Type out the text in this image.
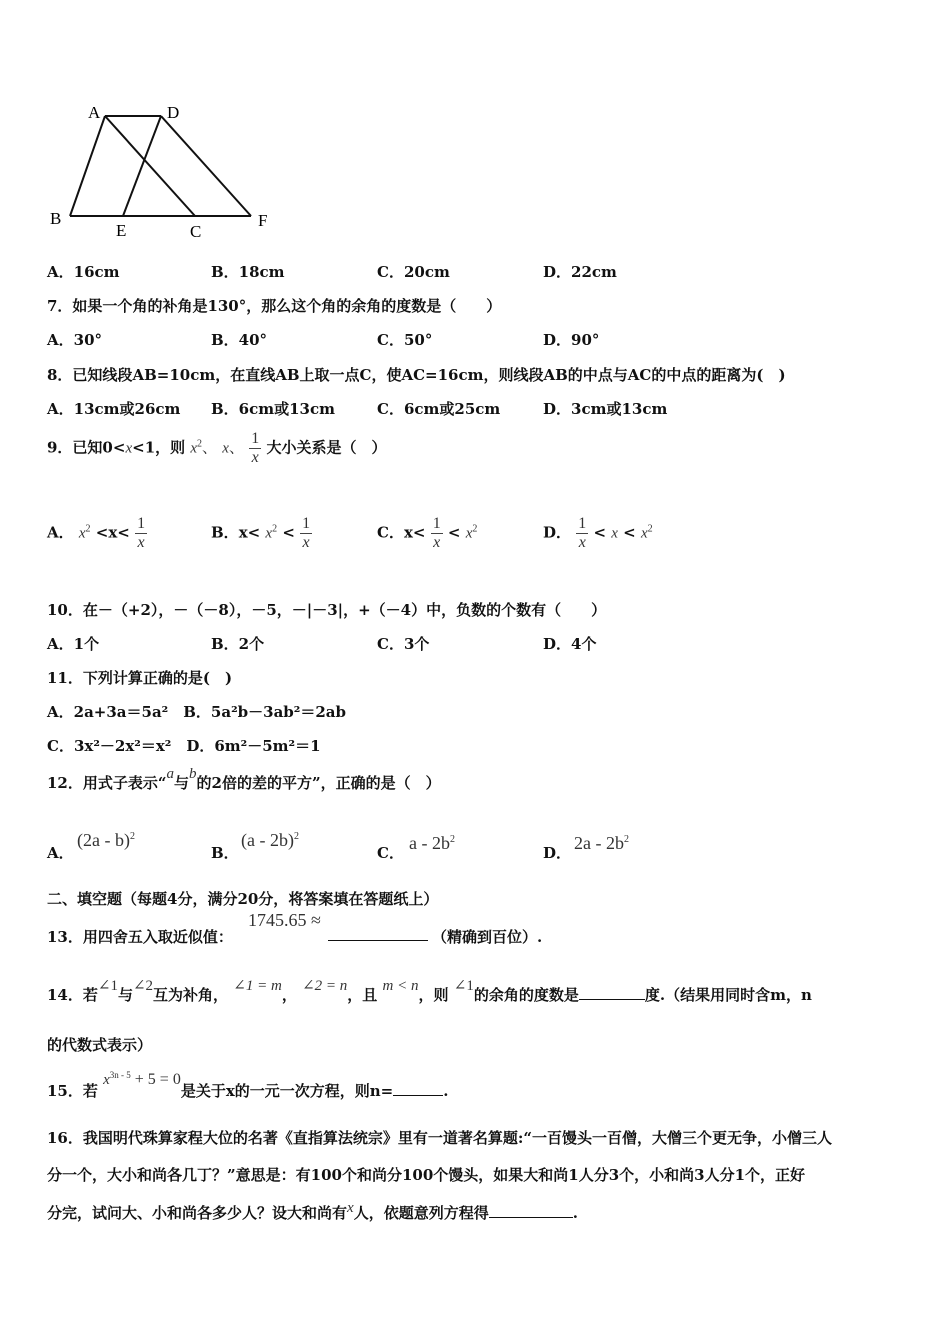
A	D
B
E	C
F
A．16cm	B．18cm	C．20cm	D．22cm
7．如果一个角的补角是130°，那么这个角的余角的度数是（　　）
A．30°	B．40°	C．50°	D．90°
8．已知线段AB=10cm，在直线AB上取一点C，使AC=16cm，则线段AB的中点与AC的中点的距离为(　)
A．13cm或26cm B．6cm或13cm	C．6cm或25cm	D．3cm或13cm
9．已知0<x<1，则 $x^2$、 x、 $\frac{1}{x}$ 大小关系是（　）
A． $x^2 <x< \frac{1}{x}$	B．$x< x^2 < \frac{1}{x}$	C．$x< \frac{1}{x} < x^2$	D． $\frac{1}{x} < x < x^2$
10．在－（+2），－（－8），－5，－|－3|，+（－4）中，负数的个数有（　　）
A．1个	B．2个	C．3个	D．4个
11．下列计算正确的是(　)
A．2a+3a＝5a²　B．5a²b－3ab²＝2ab
C．3x²－2x²＝x²　D．6m²－5m²＝1
12．用式子表示“a与b的2倍的差的平方”，正确的是（　）
A．
(2a - b)$^2$
B．
(a - 2b)$^2$
C． a - $2b^2$
D． $2a - 2b^2$
二、填空题（每题4分，满分20分，将答案填在答题纸上）
13．用四舍五入取近似值：
1745.65 ≈
（精确到百位）.
14．若∠1与∠2互为补角， ∠1 = m， ∠2 = n，且 m < n，则 ∠1的余角的度数是	度.（结果用同时含m，n
的代数式表示）
15．若 $x^{3n - 5} + 5 = 0$是关于x的一元一次方程，则n=	.
16．我国明代珠算家程大位的名著《直指算法统宗》里有一道著名算题:“一百馒头一百僧，大僧三个更无争，小僧三人
分一个，大小和尚各几丁？”意思是：有100个和尚分100个馒头，如果大和尚1人分3个，小和尚3人分1个，正好
分完，试问大、小和尚各多少人？设大和尚有x人，依题意列方程得	.
